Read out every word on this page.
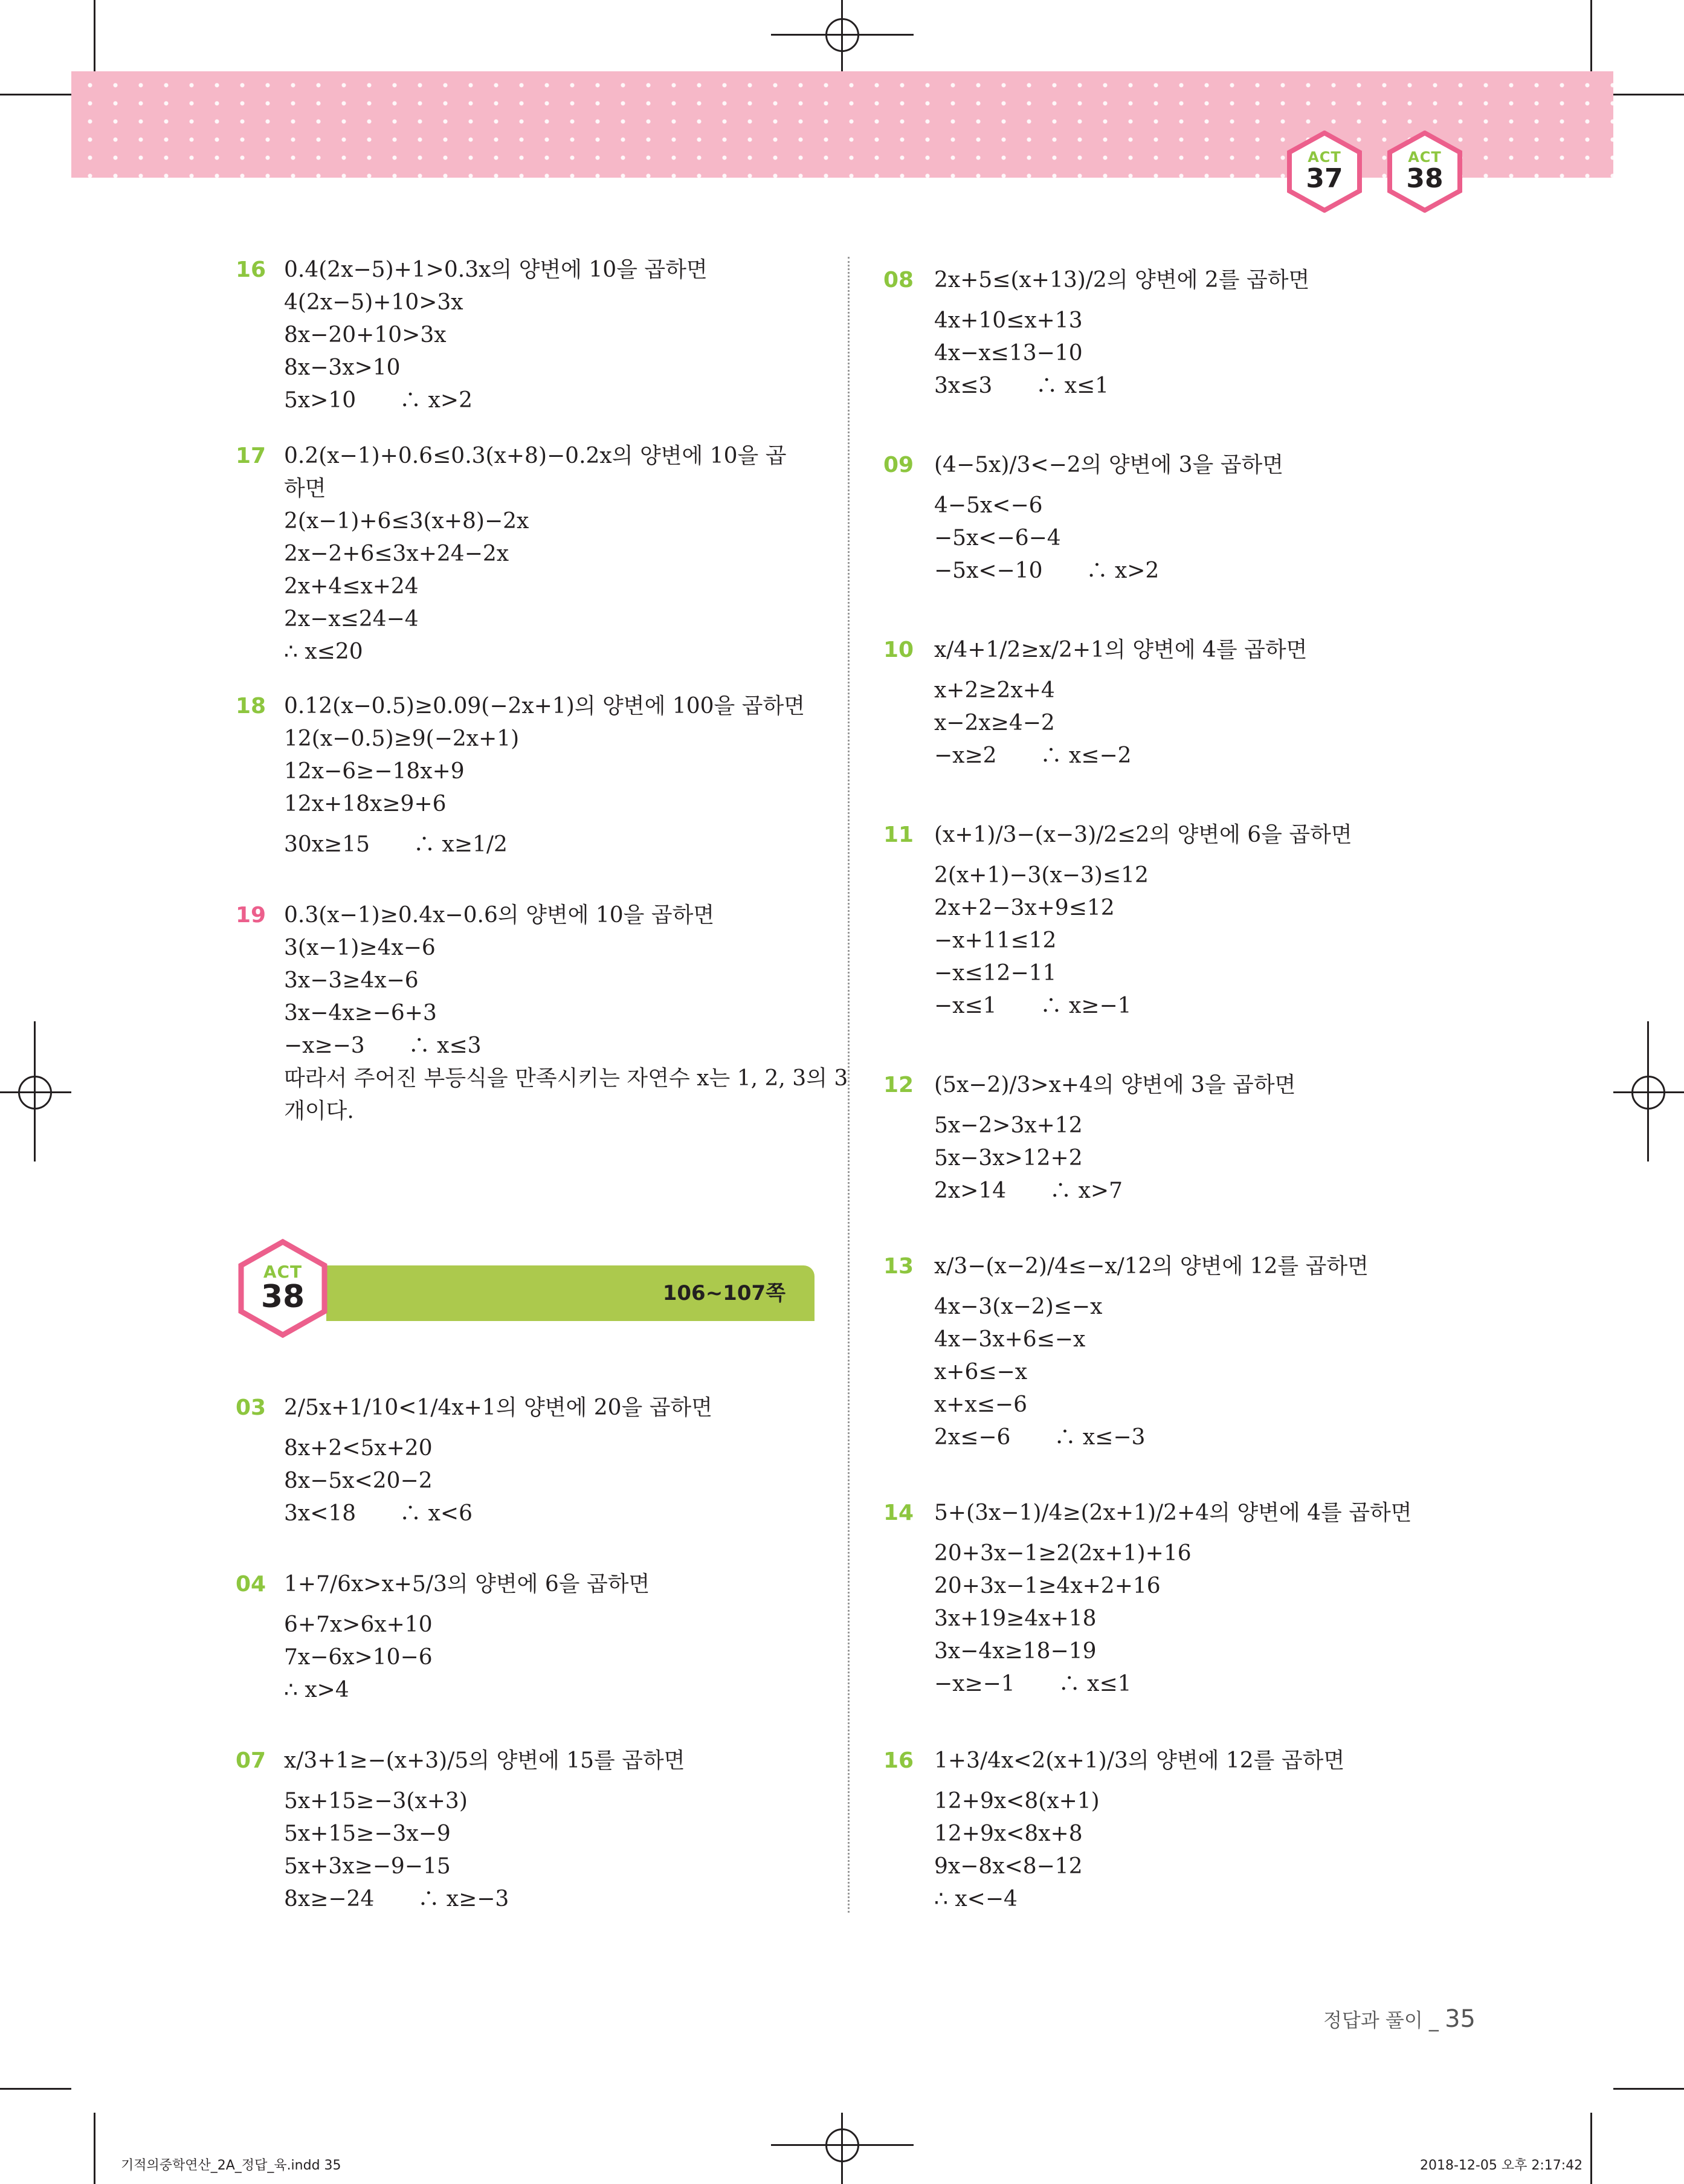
ACT
37
ACT
38
16 0.4(2x−5)+1>0.3x의 양변에 10을 곱하면
4(2x−5)+10>3x
8x−20+10>3x
8x−3x>10
5x>10　　∴ x>2
17 0.2(x−1)+0.6≤0.3(x+8)−0.2x의 양변에 10을 곱
하면
2(x−1)+6≤3(x+8)−2x
2x−2+6≤3x+24−2x
2x+4≤x+24
2x−x≤24−4
∴ x≤20
18 0.12(x−0.5)≥0.09(−2x+1)의 양변에 100을 곱하면
12(x−0.5)≥9(−2x+1)
12x−6≥−18x+9
12x+18x≥9+6
30x≥15　　∴ x≥1/2
19 0.3(x−1)≥0.4x−0.6의 양변에 10을 곱하면
3(x−1)≥4x−6
3x−3≥4x−6
3x−4x≥−6+3
−x≥−3　　∴ x≤3
따라서 주어진 부등식을 만족시키는 자연수 x는 1, 2, 3의 3
개이다.
106~107쪽
ACT
38
03 2/5x+1/10<1/4x+1의 양변에 20을 곱하면
8x+2<5x+20
8x−5x<20−2
3x<18　　∴ x<6
04 1+7/6x>x+5/3의 양변에 6을 곱하면
6+7x>6x+10
7x−6x>10−6
∴ x>4
07 x/3+1≥−(x+3)/5의 양변에 15를 곱하면
5x+15≥−3(x+3)
5x+15≥−3x−9
5x+3x≥−9−15
8x≥−24　　∴ x≥−3
08 2x+5≤(x+13)/2의 양변에 2를 곱하면
4x+10≤x+13
4x−x≤13−10
3x≤3　　∴ x≤1
09 (4−5x)/3<−2의 양변에 3을 곱하면
4−5x<−6
−5x<−6−4
−5x<−10　　∴ x>2
10 x/4+1/2≥x/2+1의 양변에 4를 곱하면
x+2≥2x+4
x−2x≥4−2
−x≥2　　∴ x≤−2
11 (x+1)/3−(x−3)/2≤2의 양변에 6을 곱하면
2(x+1)−3(x−3)≤12
2x+2−3x+9≤12
−x+11≤12
−x≤12−11
−x≤1　　∴ x≥−1
12 (5x−2)/3>x+4의 양변에 3을 곱하면
5x−2>3x+12
5x−3x>12+2
2x>14　　∴ x>7
13 x/3−(x−2)/4≤−x/12의 양변에 12를 곱하면
4x−3(x−2)≤−x
4x−3x+6≤−x
x+6≤−x
x+x≤−6
2x≤−6　　∴ x≤−3
14 5+(3x−1)/4≥(2x+1)/2+4의 양변에 4를 곱하면
20+3x−1≥2(2x+1)+16
20+3x−1≥4x+2+16
3x+19≥4x+18
3x−4x≥18−19
−x≥−1　　∴ x≤1
16 1+3/4x<2(x+1)/3의 양변에 12를 곱하면
12+9x<8(x+1)
12+9x<8x+8
9x−8x<8−12
∴ x<−4
정답과 풀이 _ 35
기적의중학연산_2A_정답_육.indd 35	2018-12-05 오후 2:17:42
